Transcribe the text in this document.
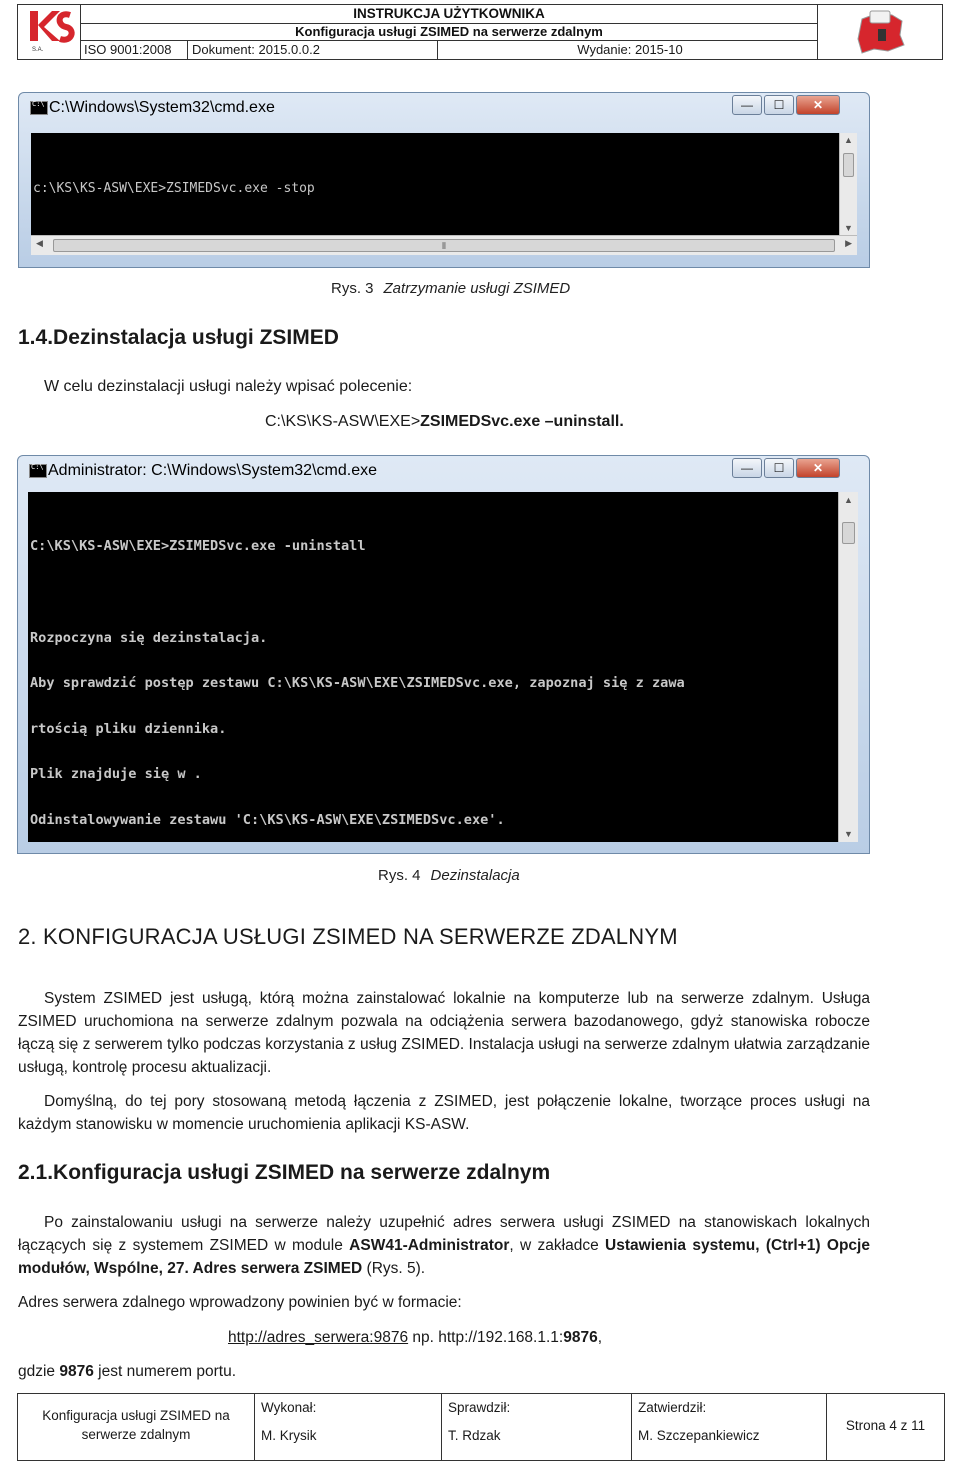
S.A.
INSTRUKCJA UŻYTKOWNIKA
Konfiguracja usługi ZSIMED na serwerze zdalnym
ISO 9001:2008	Dokument: 2015.0.0.2	Wydanie: 2015-10
C:\
C:\Windows\System32\cmd.exe	—	☐	✕

c:\KS\KS-ASW\EXE>ZSIMEDSvc.exe -stop

▲
▼
◀	⦀	▶
Rys. 3 Zatrzymanie usługi ZSIMED
1.4.Dezinstalacja usługi ZSIMED
W celu dezinstalacji usługi należy wpisać polecenie:
C:\KS\KS-ASW\EXE>ZSIMEDSvc.exe –uninstall.
C:\
Administrator: C:\Windows\System32\cmd.exe	—	☐	✕

C:\KS\KS-ASW\EXE>ZSIMEDSvc.exe -uninstall

Rozpoczyna się dezinstalacja.

Aby sprawdzić postęp zestawu C:\KS\KS-ASW\EXE\ZSIMEDSvc.exe, zapoznaj się z zawa

rtością pliku dziennika.

Plik znajduje się w .

Odinstalowywanie zestawu 'C:\KS\KS-ASW\EXE\ZSIMEDSvc.exe'.

▲
▼
Rys. 4 Dezinstalacja
2. KONFIGURACJA USŁUGI ZSIMED NA SERWERZE ZDALNYM
System ZSIMED jest usługą, którą można zainstalować lokalnie na komputerze lub na serwerze zdalnym. Usługa ZSIMED uruchomiona na serwerze zdalnym pozwala na odciążenia serwera bazodanowego, gdyż stanowiska robocze łączą się z serwerem tylko podczas korzystania z usług ZSIMED. Instalacja usługi na serwerze zdalnym ułatwia zarządzanie usługą, kontrolę procesu aktualizacji.
Domyślną, do tej pory stosowaną metodą łączenia z ZSIMED, jest połączenie lokalne, tworzące proces usługi na każdym stanowisku w momencie uruchomienia aplikacji KS-ASW.
2.1.Konfiguracja usługi ZSIMED na serwerze zdalnym
Po zainstalowaniu usługi na serwerze należy uzupełnić adres serwera usługi ZSIMED na stanowiskach lokalnych łączących się z systemem ZSIMED w module ASW41-Administrator, w zakładce Ustawienia systemu, (Ctrl+1) Opcje modułów, Wspólne, 27. Adres serwera ZSIMED (Rys. 5).
Adres serwera zdalnego wprowadzony powinien być w formacie:
http://adres_serwera:9876 np. http://192.168.1.1:9876,
gdzie 9876 jest numerem portu.
Konfiguracja usługi ZSIMED na serwerze zdalnym
Wykonał:
M. Krysik
Sprawdził:
T. Rdzak
Zatwierdził:
M. Szczepankiewicz
Strona 4 z 11
